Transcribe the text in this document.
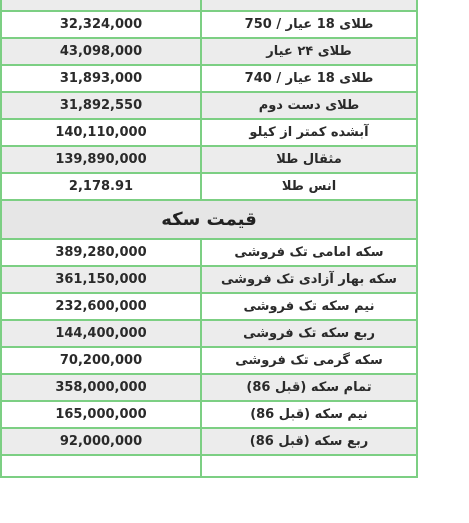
طلای 18 عیار / 750	32,324,000
طلای ۲۴ عیار	43,098,000
طلای 18 عیار / 740	31,893,000
طلای دست دوم	31,892,550
آبشده کمتر از کیلو	140,110,000
مثقال طلا	139,890,000
انس طلا	2,178.91
قیمت سکه	
سکه امامی تک فروشی	389,280,000
سکه بهار آزادی تک فروشی	361,150,000
نیم سکه تک فروشی	232,600,000
ربع سکه تک فروشی	144,400,000
سکه گرمی تک فروشی	70,200,000
تمام سکه (قبل 86)	358,000,000
نیم سکه (قبل 86)	165,000,000
ربع سکه (قبل 86)	92,000,000
